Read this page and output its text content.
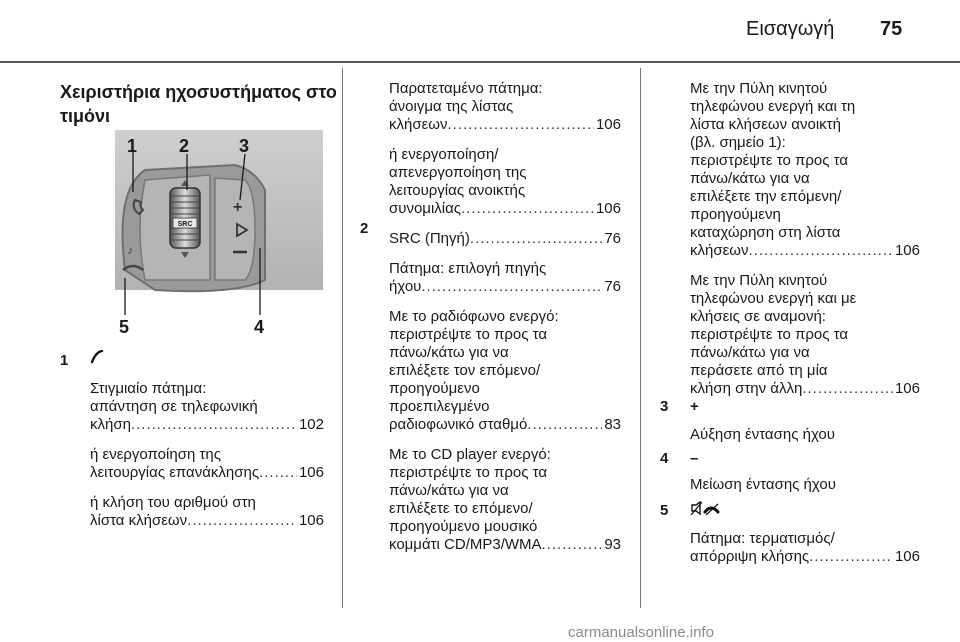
Εισαγωγή 75
Χειριστήρια ηχοσυστήματος στο
τιμόνι
SRC
♪
+
1 2	3
4
5
1
Στιγμιαίο πάτημα:
απάντηση σε τηλεφωνική
κλήση .....	102
ή ενεργοποίηση της
λειτουργίας επανάκλησης .....	106
ή κλήση του αριθμού στη
λίστα κλήσεων .....	106
Παρατεταμένο πάτημα:
άνοιγμα της λίστας
κλήσεων .....	106
ή ενεργοποίηση/
απενεργοποίηση της
λειτουργίας ανοικτής
συνομιλίας .....	106
SRC (Πηγή) .....	76
Πάτημα: επιλογή πηγής
ήχου .....	76
Με το ραδιόφωνο ενεργό:
περιστρέψτε το προς τα
πάνω/κάτω για να
επιλέξετε τον επόμενο/
προηγούμενο
προεπιλεγμένο
ραδιοφωνικό σταθμό .....	83
Με το CD player ενεργό:
περιστρέψτε το προς τα
πάνω/κάτω για να
επιλέξετε το επόμενο/
προηγούμενο μουσικό
κομμάτι CD/MP3/WMA .....	93
2
Με την Πύλη κινητού
τηλεφώνου ενεργή και τη
λίστα κλήσεων ανοικτή
(βλ. σημείο 1):
περιστρέψτε το προς τα
πάνω/κάτω για να
επιλέξετε την επόμενη/
προηγούμενη
καταχώρηση στη λίστα
κλήσεων .....	106
Με την Πύλη κινητού
τηλεφώνου ενεργή και με
κλήσεις σε αναμονή:
περιστρέψτε το προς τα
πάνω/κάτω για να
περάσετε από τη μία
κλήση στην άλλη .....	106
3 +
Αύξηση έντασης ήχου
4 –
Μείωση έντασης ήχου
5
Πάτημα: τερματισμός/
απόρριψη κλήσης .....	106
carmanualsonline.info
